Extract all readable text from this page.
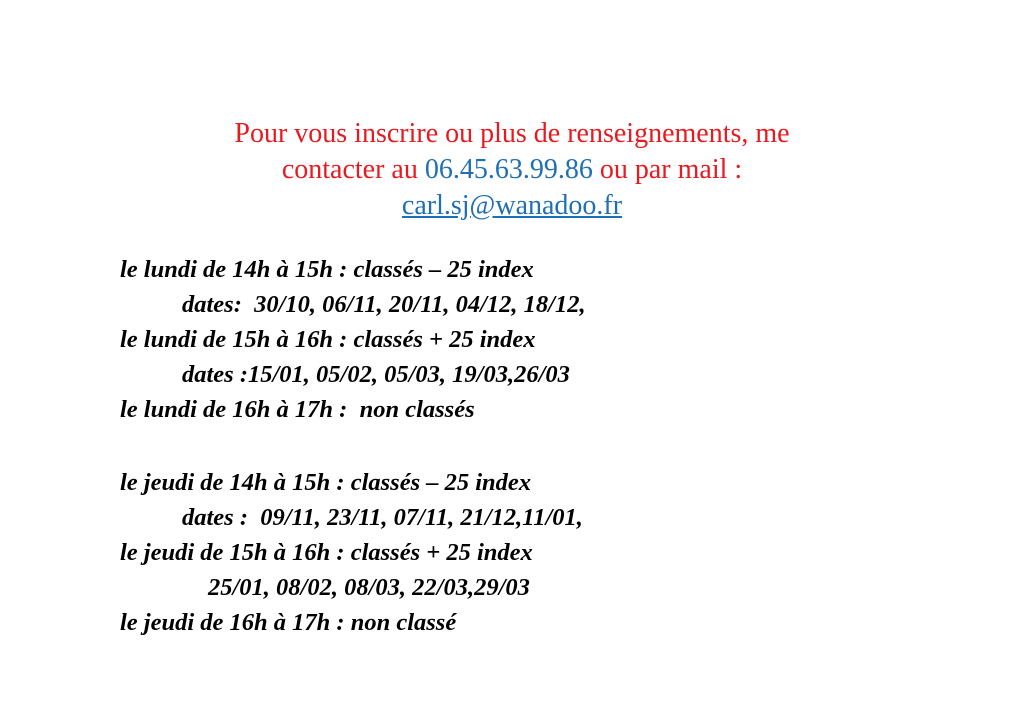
Pour vous inscrire ou plus de renseignements, me
contacter au 06.45.63.99.86 ou par mail :
carl.sj@wanadoo.fr
le lundi de 14h à 15h : classés – 25 index
dates:  30/10, 06/11, 20/11, 04/12, 18/12,
le lundi de 15h à 16h : classés + 25 index
dates :15/01, 05/02, 05/03, 19/03,26/03
le lundi de 16h à 17h :  non classés
le jeudi de 14h à 15h : classés – 25 index
dates :  09/11, 23/11, 07/11, 21/12,11/01,
le jeudi de 15h à 16h : classés + 25 index
25/01, 08/02, 08/03, 22/03,29/03
le jeudi de 16h à 17h : non classé
